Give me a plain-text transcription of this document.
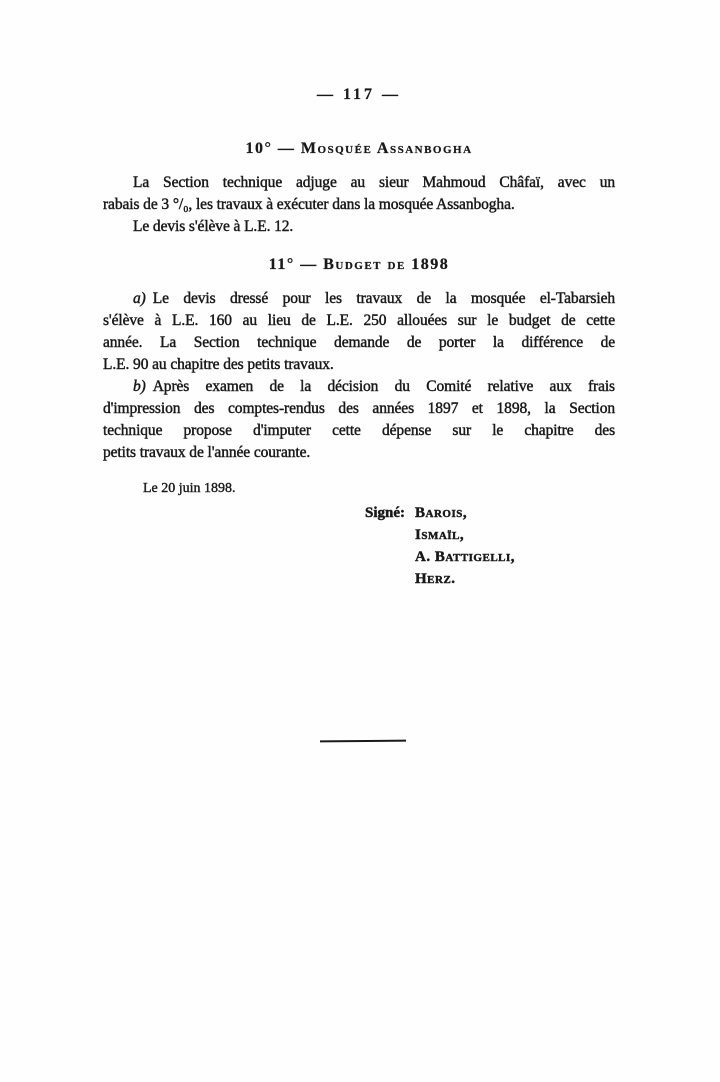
— 117 —
10° — Mosquée Assanbogha
La Section technique adjuge au sieur Mahmoud Châfaï, avec un
rabais de 3 °/₀, les travaux à exécuter dans la mosquée Assanbogha.
Le devis s'élève à L.E. 12.
11° — Budget de 1898
a) Le devis dressé pour les travaux de la mosquée el-Tabarsieh
s'élève à L.E. 160 au lieu de L.E. 250 allouées sur le budget de cette
année. La Section technique demande de porter la différence de
L.E. 90 au chapitre des petits travaux.
b) Après examen de la décision du Comité relative aux frais
d'impression des comptes-rendus des années 1897 et 1898, la Section
technique propose d'imputer cette dépense sur le chapitre des
petits travaux de l'année courante.
Le 20 juin 1898.
Signé: Barois,
Ismaïl,
A. Battigelli,
Herz.
